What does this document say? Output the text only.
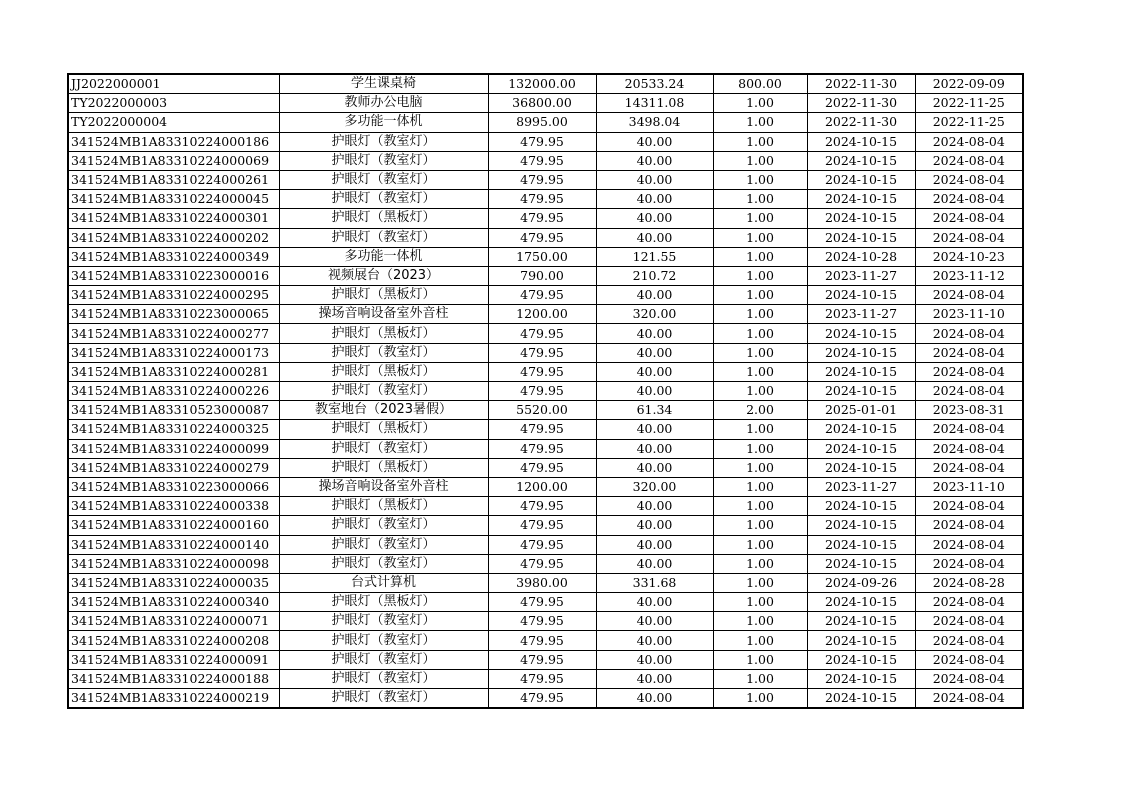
JJ2022000001	学生课桌椅	132000.00	20533.24	800.00	2022-11-30	2022-09-09
TY2022000003	教师办公电脑	36800.00	14311.08	1.00	2022-11-30	2022-11-25
TY2022000004	多功能一体机	8995.00	3498.04	1.00	2022-11-30	2022-11-25
341524MB1A83310224000186	护眼灯（教室灯）	479.95	40.00	1.00	2024-10-15	2024-08-04
341524MB1A83310224000069	护眼灯（教室灯）	479.95	40.00	1.00	2024-10-15	2024-08-04
341524MB1A83310224000261	护眼灯（教室灯）	479.95	40.00	1.00	2024-10-15	2024-08-04
341524MB1A83310224000045	护眼灯（教室灯）	479.95	40.00	1.00	2024-10-15	2024-08-04
341524MB1A83310224000301	护眼灯（黑板灯）	479.95	40.00	1.00	2024-10-15	2024-08-04
341524MB1A83310224000202	护眼灯（教室灯）	479.95	40.00	1.00	2024-10-15	2024-08-04
341524MB1A83310224000349	多功能一体机	1750.00	121.55	1.00	2024-10-28	2024-10-23
341524MB1A83310223000016	视频展台（2023）	790.00	210.72	1.00	2023-11-27	2023-11-12
341524MB1A83310224000295	护眼灯（黑板灯）	479.95	40.00	1.00	2024-10-15	2024-08-04
341524MB1A83310223000065	操场音响设备室外音柱	1200.00	320.00	1.00	2023-11-27	2023-11-10
341524MB1A83310224000277	护眼灯（黑板灯）	479.95	40.00	1.00	2024-10-15	2024-08-04
341524MB1A83310224000173	护眼灯（教室灯）	479.95	40.00	1.00	2024-10-15	2024-08-04
341524MB1A83310224000281	护眼灯（黑板灯）	479.95	40.00	1.00	2024-10-15	2024-08-04
341524MB1A83310224000226	护眼灯（教室灯）	479.95	40.00	1.00	2024-10-15	2024-08-04
341524MB1A83310523000087	教室地台（2023暑假）	5520.00	61.34	2.00	2025-01-01	2023-08-31
341524MB1A83310224000325	护眼灯（黑板灯）	479.95	40.00	1.00	2024-10-15	2024-08-04
341524MB1A83310224000099	护眼灯（教室灯）	479.95	40.00	1.00	2024-10-15	2024-08-04
341524MB1A83310224000279	护眼灯（黑板灯）	479.95	40.00	1.00	2024-10-15	2024-08-04
341524MB1A83310223000066	操场音响设备室外音柱	1200.00	320.00	1.00	2023-11-27	2023-11-10
341524MB1A83310224000338	护眼灯（黑板灯）	479.95	40.00	1.00	2024-10-15	2024-08-04
341524MB1A83310224000160	护眼灯（教室灯）	479.95	40.00	1.00	2024-10-15	2024-08-04
341524MB1A83310224000140	护眼灯（教室灯）	479.95	40.00	1.00	2024-10-15	2024-08-04
341524MB1A83310224000098	护眼灯（教室灯）	479.95	40.00	1.00	2024-10-15	2024-08-04
341524MB1A83310224000035	台式计算机	3980.00	331.68	1.00	2024-09-26	2024-08-28
341524MB1A83310224000340	护眼灯（黑板灯）	479.95	40.00	1.00	2024-10-15	2024-08-04
341524MB1A83310224000071	护眼灯（教室灯）	479.95	40.00	1.00	2024-10-15	2024-08-04
341524MB1A83310224000208	护眼灯（教室灯）	479.95	40.00	1.00	2024-10-15	2024-08-04
341524MB1A83310224000091	护眼灯（教室灯）	479.95	40.00	1.00	2024-10-15	2024-08-04
341524MB1A83310224000188	护眼灯（教室灯）	479.95	40.00	1.00	2024-10-15	2024-08-04
341524MB1A83310224000219	护眼灯（教室灯）	479.95	40.00	1.00	2024-10-15	2024-08-04
